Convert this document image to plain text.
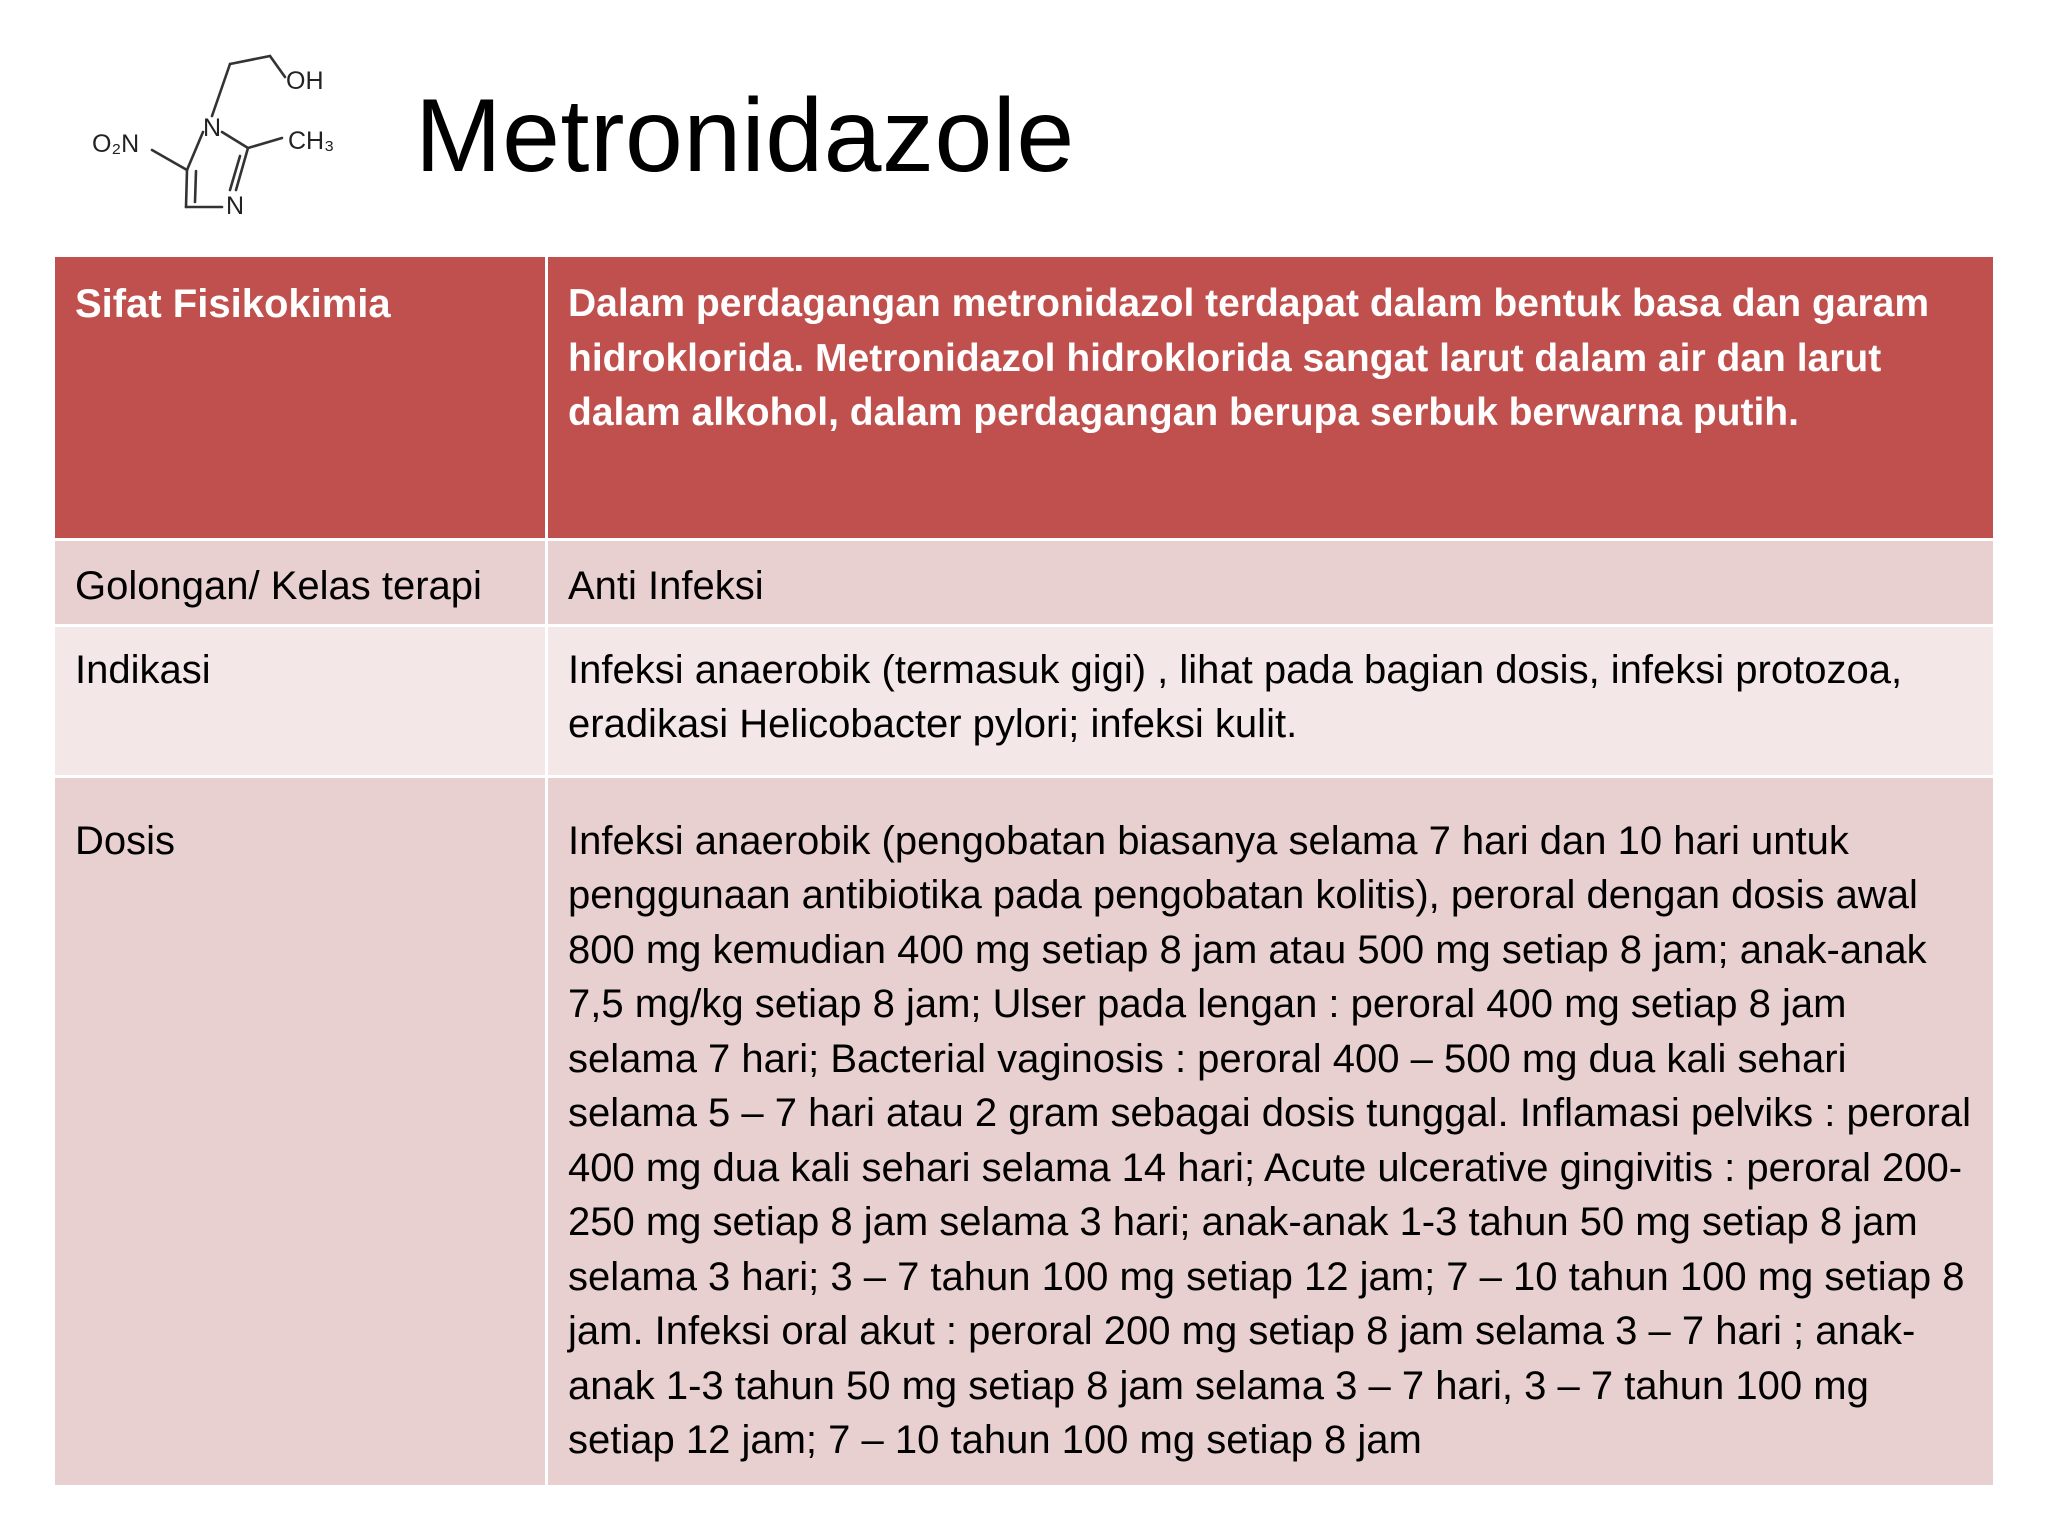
OH
N
O₂N	CH₃
N
Metronidazole
Sifat Fisikokimia	Dalam perdagangan metronidazol terdapat dalam bentuk basa dan garam hidroklorida. Metronidazol hidroklorida sangat larut dalam air dan larut dalam alkohol, dalam perdagangan berupa serbuk berwarna putih.
Golongan/ Kelas terapi	Anti Infeksi
Indikasi	Infeksi anaerobik (termasuk gigi) , lihat pada bagian dosis, infeksi protozoa, eradikasi Helicobacter pylori; infeksi kulit.
Dosis	Infeksi anaerobik (pengobatan biasanya selama 7 hari dan 10 hari untuk penggunaan antibiotika pada pengobatan kolitis), peroral dengan dosis awal 800 mg kemudian 400 mg setiap 8 jam atau 500 mg setiap 8 jam; anak-anak 7,5 mg/kg setiap 8 jam; Ulser pada lengan : peroral 400 mg setiap 8 jam selama 7 hari; Bacterial vaginosis : peroral 400 – 500 mg dua kali sehari selama 5 – 7 hari atau 2 gram sebagai dosis tunggal. Inflamasi pelviks : peroral 400 mg dua kali sehari selama 14 hari; Acute ulcerative gingivitis : peroral 200-250 mg setiap 8 jam selama 3 hari; anak-anak 1-3 tahun 50 mg setiap 8 jam selama 3 hari; 3 – 7 tahun 100 mg setiap 12 jam; 7 – 10 tahun 100 mg setiap 8 jam. Infeksi oral akut : peroral 200 mg setiap 8 jam selama 3 – 7 hari ; anak-anak 1-3 tahun 50 mg setiap 8 jam selama 3 – 7 hari, 3 – 7 tahun 100 mg setiap 12 jam; 7 – 10 tahun 100 mg setiap 8 jam
